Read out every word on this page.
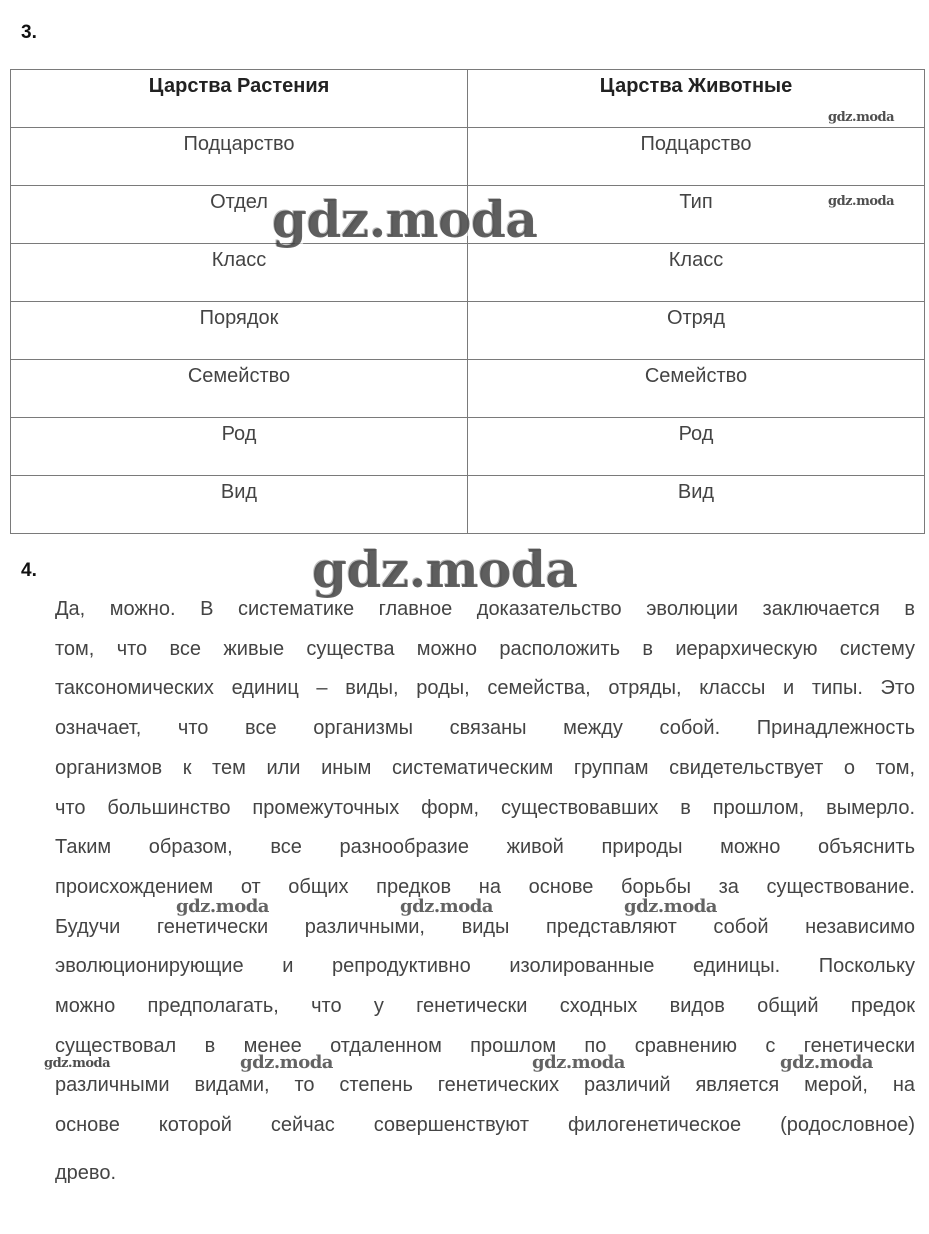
3.
Царства Растения	Царства Животные
Подцарство	Подцарство
Отдел	Тип
Класс	Класс
Порядок	Отряд
Семейство	Семейство
Род	Род
Вид	Вид
4.
Да, можно. В систематике главное доказательство эволюции заключается в
том, что все живые существа можно расположить в иерархическую систему
таксономических единиц – виды, роды, семейства, отряды, классы и типы. Это
означает, что все организмы связаны между собой. Принадлежность
организмов к тем или иным систематическим группам свидетельствует о том,
что большинство промежуточных форм, существовавших в прошлом, вымерло.
Таким образом, все разнообразие живой природы можно объяснить
происхождением от общих предков на основе борьбы за существование.
Будучи генетически различными, виды представляют собой независимо
эволюционирующие и репродуктивно изолированные единицы. Поскольку
можно предполагать, что у генетически сходных видов общий предок
существовал в менее отдаленном прошлом по сравнению с генетически
различными видами, то степень генетических различий является мерой, на
основе которой сейчас совершенствуют филогенетическое (родословное)
древо.
gdz.moda
gdz.moda
gdz.moda
gdz.moda
gdz.moda	gdz.moda	gdz.moda
gdz.moda	gdz.moda	gdz.moda	gdz.moda
